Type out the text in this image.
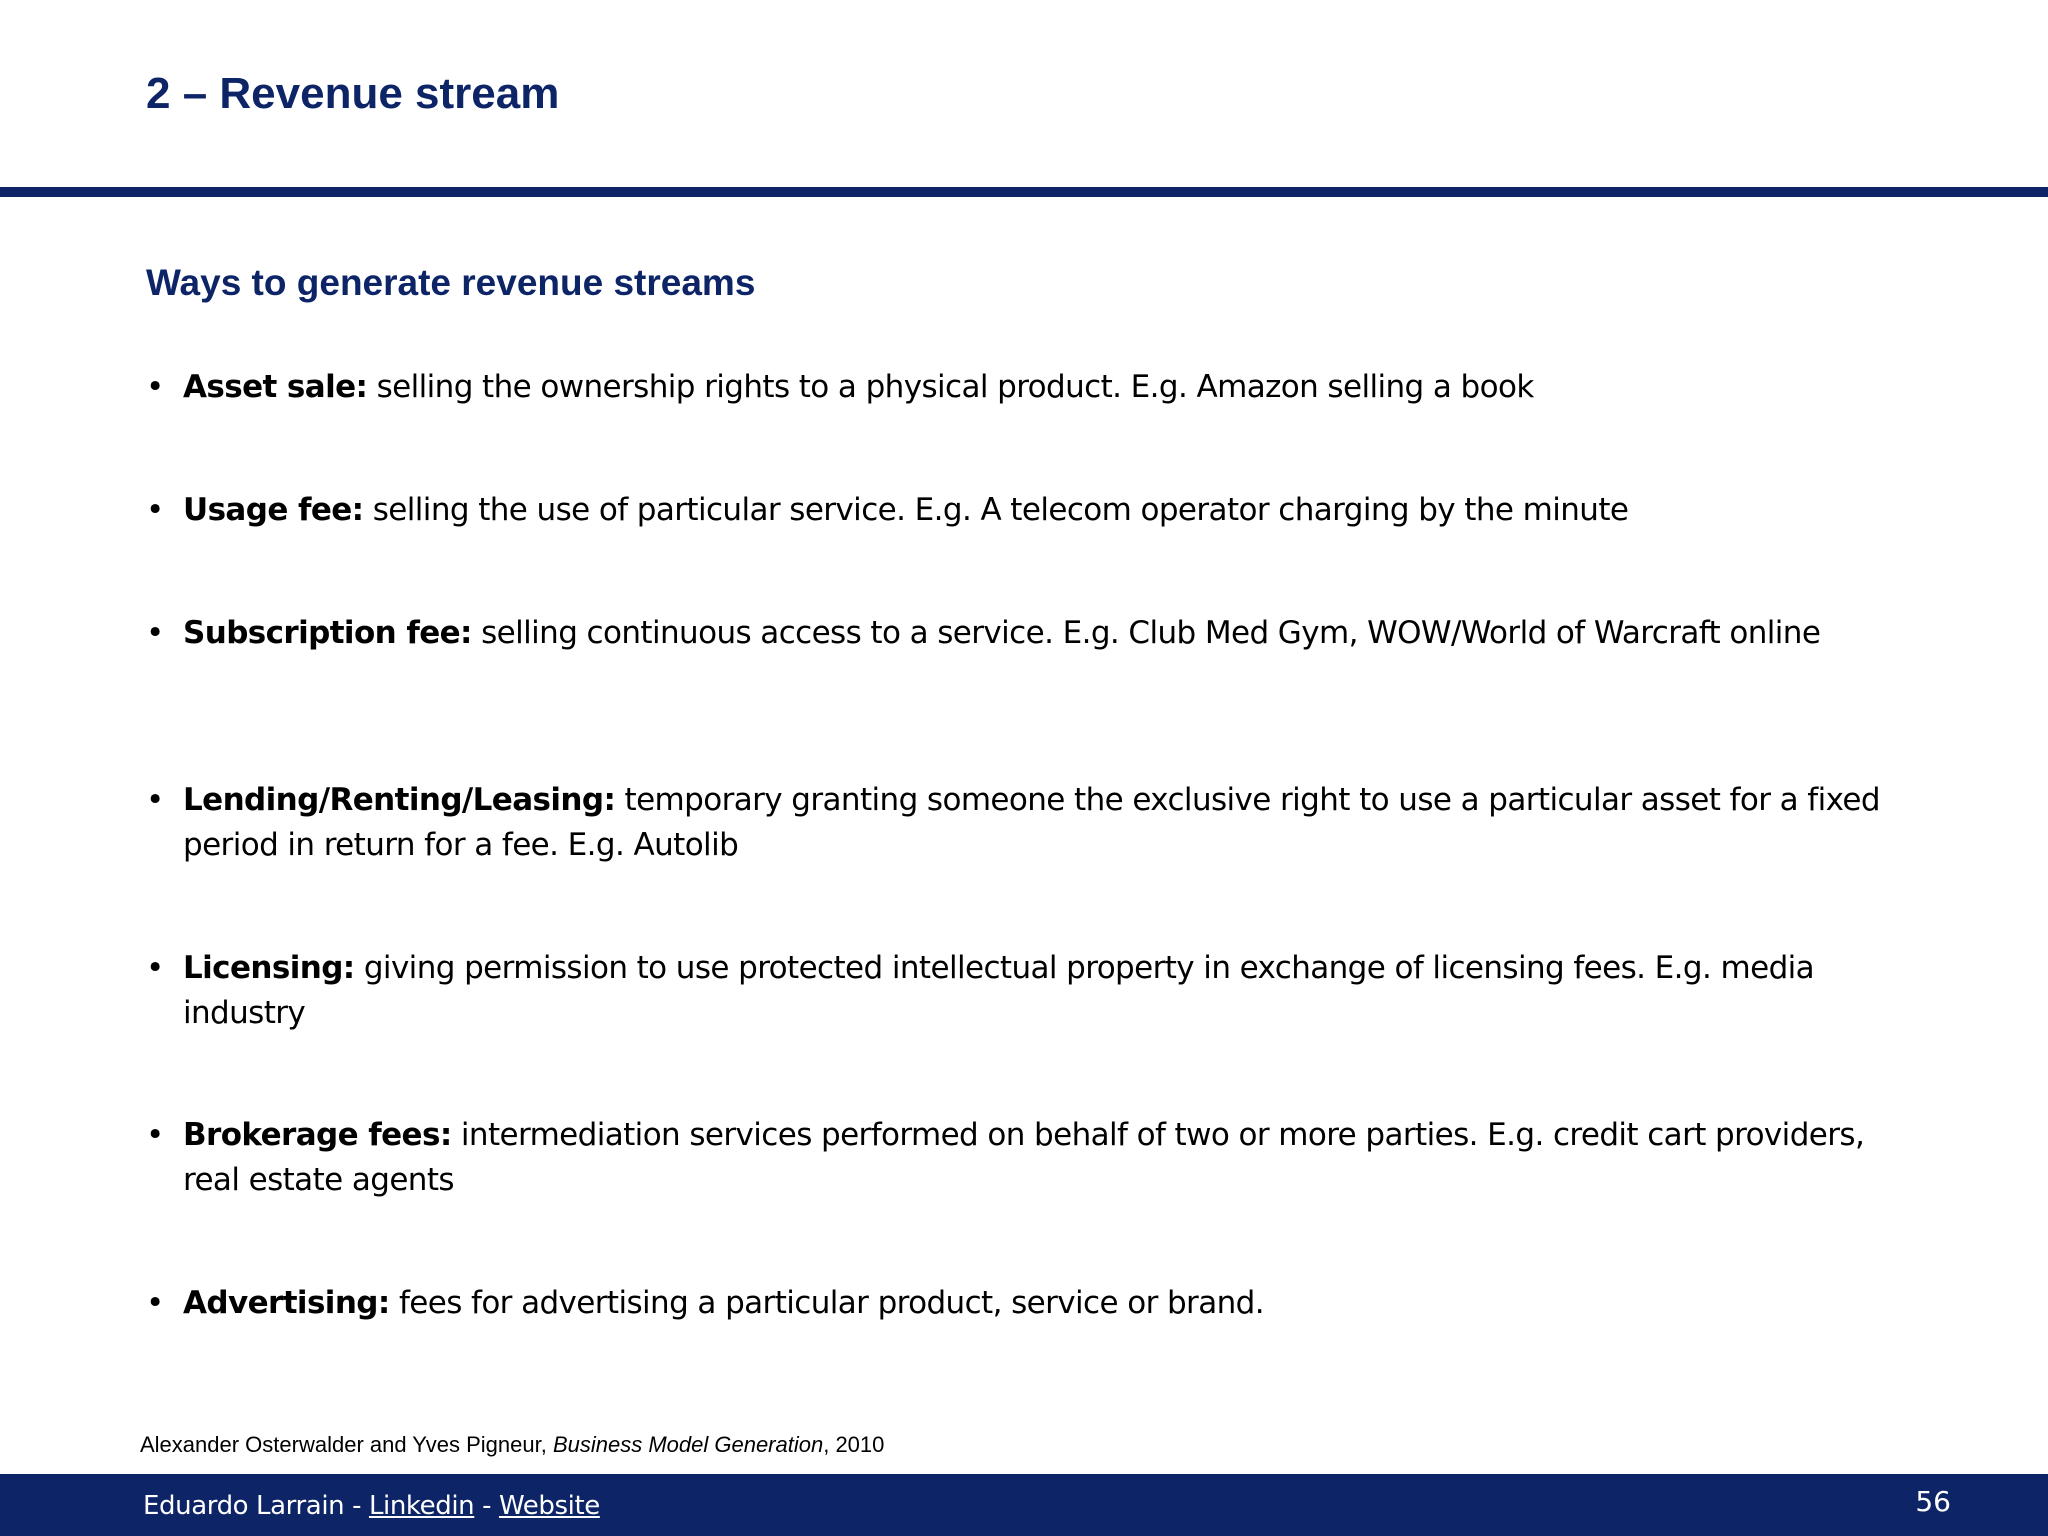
2 – Revenue stream
Ways to generate revenue streams
• Asset sale: selling the ownership rights to a physical product. E.g. Amazon selling a book
• Usage fee: selling the use of particular service. E.g. A telecom operator charging by the minute
• Subscription fee: selling continuous access to a service. E.g. Club Med Gym, WOW/World of Warcraft online
• Lending/Renting/Leasing: temporary granting someone the exclusive right to use a particular asset for a fixed period in return for a fee. E.g. Autolib
• Licensing: giving permission to use protected intellectual property in exchange of licensing fees. E.g. media industry
• Brokerage fees: intermediation services performed on behalf of two or more parties. E.g. credit cart providers, real estate agents
• Advertising: fees for advertising a particular product, service or brand.
Alexander Osterwalder and Yves Pigneur, Business Model Generation, 2010
Eduardo Larrain - Linkedin - Website	56
